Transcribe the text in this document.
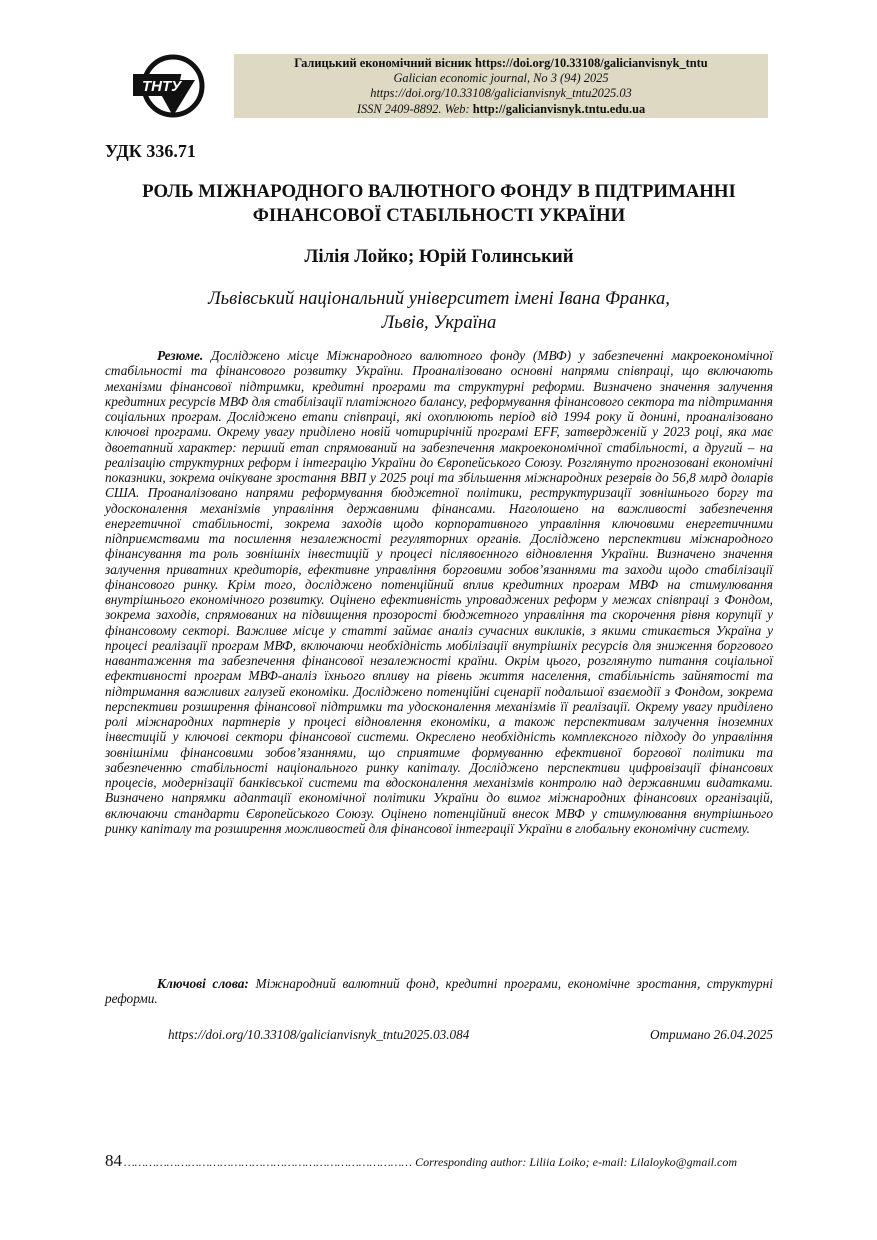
ТНТУ
Галицький економічний вісник https://doi.org/10.33108/galicianvisnyk_tntu
Galician economic journal, No 3 (94) 2025
https://doi.org/10.33108/galicianvisnyk_tntu2025.03
ISSN 2409-8892. Web: http://galicianvisnyk.tntu.edu.ua
УДК 336.71
РОЛЬ МІЖНАРОДНОГО ВАЛЮТНОГО ФОНДУ В ПІДТРИМАННІ
ФІНАНСОВОЇ СТАБІЛЬНОСТІ УКРАЇНИ
Лілія Лойко; Юрій Голинський
Львівський національний університет імені Івана Франка,
Львів, Україна
Резюме. Досліджено місце Міжнародного валютного фонду (МВФ) у забезпеченні макроекономічної стабільності та фінансового розвитку України. Проаналізовано основні напрями співпраці, що включають механізми фінансової підтримки, кредитні програми та структурні реформи. Визначено значення залучення кредитних ресурсів МВФ для стабілізації платіжного балансу, реформування фінансового сектора та підтримання соціальних програм. Досліджено етапи співпраці, які охоплюють період від 1994 року й донині, проаналізовано ключові програми. Окрему увагу приділено новій чотирирічній програмі EFF, затвердженій у 2023 році, яка має двоетапний характер: перший етап спрямований на забезпечення макроекономічної стабільності, а другий – на реалізацію структурних реформ і інтеграцію України до Європейського Союзу. Розглянуто прогнозовані економічні показники, зокрема очікуване зростання ВВП у 2025 році та збільшення міжнародних резервів до 56,8 млрд доларів США. Проаналізовано напрями реформування бюджетної політики, реструктуризації зовнішнього боргу та удосконалення механізмів управління державними фінансами. Наголошено на важливості забезпечення енергетичної стабільності, зокрема заходів щодо корпоративного управління ключовими енергетичними підприємствами та посилення незалежності регуляторних органів. Досліджено перспективи міжнародного фінансування та роль зовнішніх інвестицій у процесі післявоєнного відновлення України. Визначено значення залучення приватних кредиторів, ефективне управління борговими зобов’язаннями та заходи щодо стабілізації фінансового ринку. Крім того, досліджено потенційний вплив кредитних програм МВФ на стимулювання внутрішнього економічного розвитку. Оцінено ефективність упроваджених реформ у межах співпраці з Фондом, зокрема заходів, спрямованих на підвищення прозорості бюджетного управління та скорочення рівня корупції у фінансовому секторі. Важливе місце у статті займає аналіз сучасних викликів, з якими стикається Україна у процесі реалізації програм МВФ, включаючи необхідність мобілізації внутрішніх ресурсів для зниження боргового навантаження та забезпечення фінансової незалежності країни. Окрім цього, розглянуто питання соціальної ефективності програм МВФ-аналіз їхнього впливу на рівень життя населення, стабільність зайнятості та підтримання важливих галузей економіки. Досліджено потенційні сценарії подальшої взаємодії з Фондом, зокрема перспективи розширення фінансової підтримки та удосконалення механізмів її реалізації. Окрему увагу приділено ролі міжнародних партнерів у процесі відновлення економіки, а також перспективам залучення іноземних інвестицій у ключові сектори фінансової системи. Окреслено необхідність комплексного підходу до управління зовнішніми фінансовими зобов’язаннями, що сприятиме формуванню ефективної боргової політики та забезпеченню стабільності національного ринку капіталу. Досліджено перспективи цифровізації фінансових процесів, модернізації банківської системи та вдосконалення механізмів контролю над державними видатками. Визначено напрямки адаптації економічної політики України до вимог міжнародних фінансових організацій, включаючи стандарти Європейського Союзу. Оцінено потенційний внесок МВФ у стимулювання внутрішнього ринку капіталу та розширення можливостей для фінансової інтеграції України в глобальну економічну систему.
Ключові слова: Міжнародний валютний фонд, кредитні програми, економічне зростання, структурні реформи.
https://doi.org/10.33108/galicianvisnyk_tntu2025.03.084	Отримано 26.04.2025
84 ……………………………………………………………………… Corresponding author: Liliia Loiko; e-mail: Lilaloyko@gmail.com
